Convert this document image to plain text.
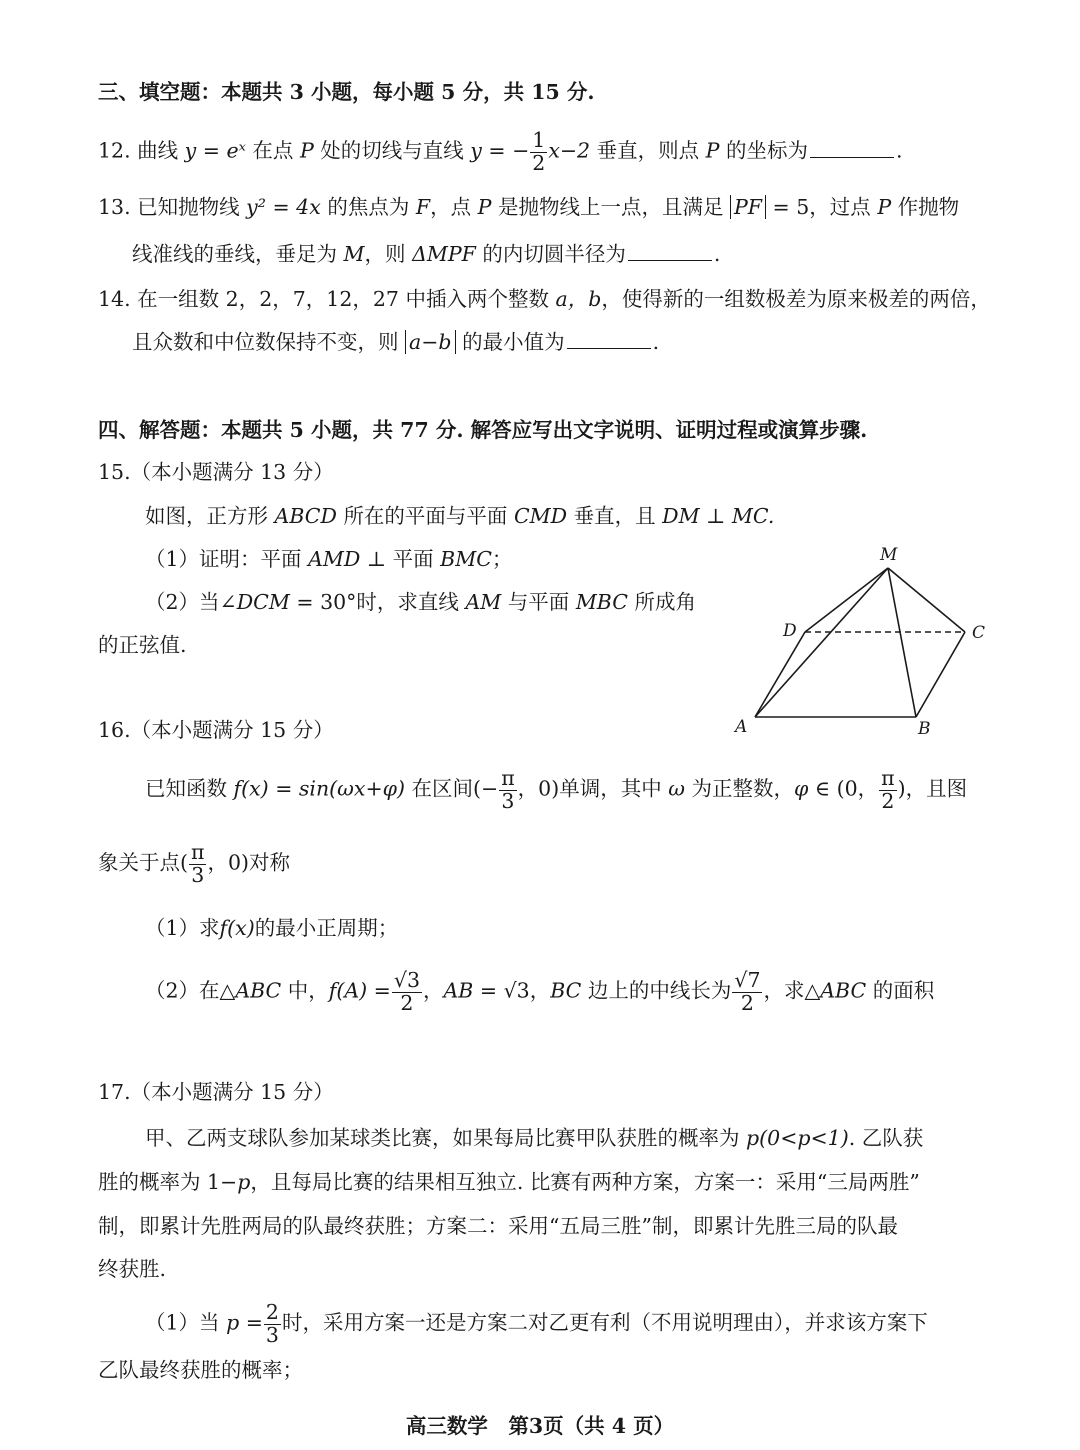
三、填空题：本题共 3 小题，每小题 5 分，共 15 分.
12. 曲线 y = eˣ 在点 P 处的切线与直线 y = − $\frac{1}{2} x-2$ 垂直，则点 P 的坐标为	.
13. 已知抛物线 y² = 4x 的焦点为 F，点 P 是抛物线上一点，且满足 PF = 5，过点 P 作抛物
线准线的垂线，垂足为 M，则 ΔMPF 的内切圆半径为	.
14. 在一组数 2，2，7，12，27 中插入两个整数 a，b，使得新的一组数极差为原来极差的两倍，
且众数和中位数保持不变，则 a−b 的最小值为	.
四、解答题：本题共 5 小题，共 77 分. 解答应写出文字说明、证明过程或演算步骤.
15.（本小题满分 13 分）
如图，正方形 ABCD 所在的平面与平面 CMD 垂直，且 DM ⊥ MC.
（1）证明：平面 AMD ⊥ 平面 BMC；
（2）当∠DCM = 30°时，求直线 AM 与平面 MBC 所成角
的正弦值.
M
D	C
A	B
16.（本小题满分 15 分）
已知函数 f(x) = sin(ωx+φ) 在区间(− $\frac{\pi}{3}$ ，0)单调，其中 ω 为正整数，φ ∈ (0， $\frac{\pi}{2}$ )，且图
象关于点( $\frac{\pi}{3}$ ，0)对称
（1）求f(x)的最小正周期；
（2）在△ABC 中，$f(A) = \frac{√3}{2}$ ，AB = √3，BC 边上的中线长为 $\frac{√7}{2}$ ，求△ABC 的面积
17.（本小题满分 15 分）
甲、乙两支球队参加某球类比赛，如果每局比赛甲队获胜的概率为 p(0<p<1). 乙队获
胜的概率为 1−p，且每局比赛的结果相互独立. 比赛有两种方案，方案一：采用“三局两胜”
制，即累计先胜两局的队最终获胜；方案二：采用“五局三胜”制，即累计先胜三局的队最
终获胜.
（1）当 $p = \frac{2}{3}$ 时，采用方案一还是方案二对乙更有利（不用说明理由），并求该方案下
乙队最终获胜的概率；
高三数学　第3页（共 4 页）
